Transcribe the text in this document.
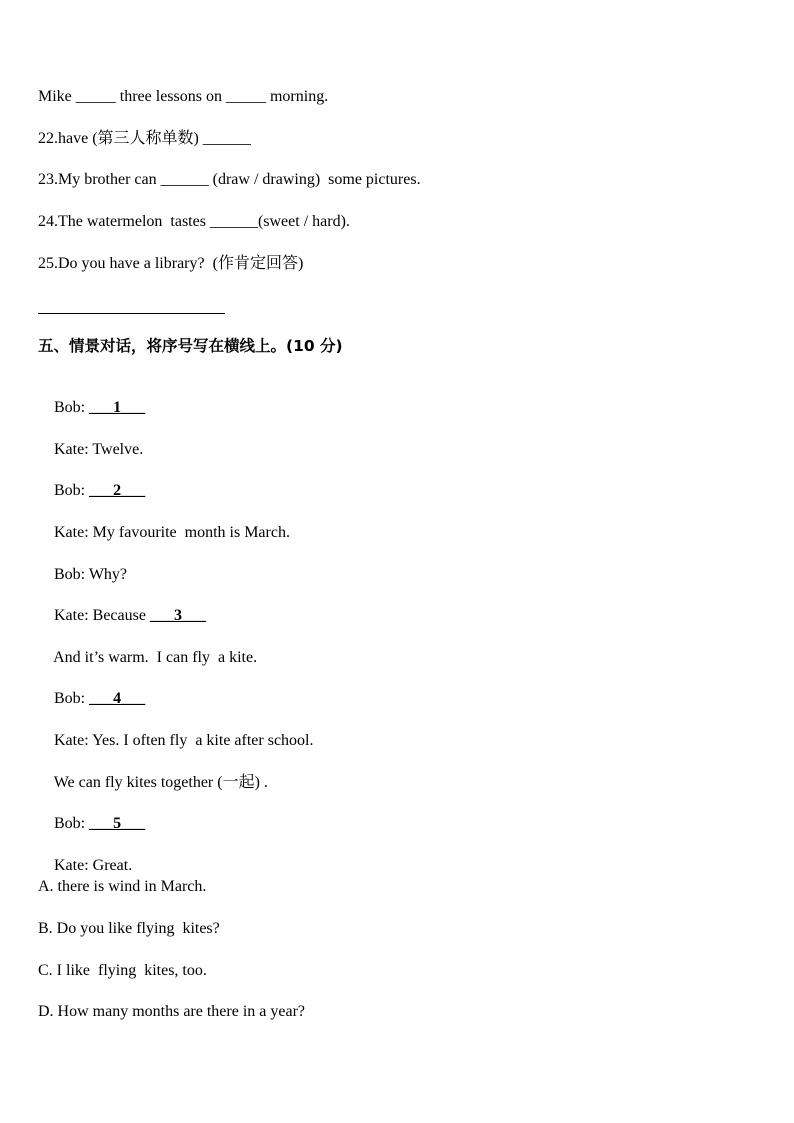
Mike _____ three lessons on _____ morning.
22.have (第三人称单数) ______
23.My brother can ______ (draw / drawing)  some pictures.
24.The watermelon  tastes ______(sweet / hard).
25.Do you have a library?  (作肯定回答)
五、情景对话，将序号写在横线上。(10 分)

Bob: ___1___

Kate: Twelve.

Bob: ___2___

Kate: My favourite  month is March.

Bob: Why?

Kate: Because ___3___

And it’s warm.  I can fly  a kite.

Bob: ___4___

Kate: Yes. I often fly  a kite after school.

We can fly kites together (一起) .

Bob: ___5___

Kate: Great.

A. there is wind in March.
B. Do you like flying  kites?
C. I like  flying  kites, too.
D. How many months are there in a year?
